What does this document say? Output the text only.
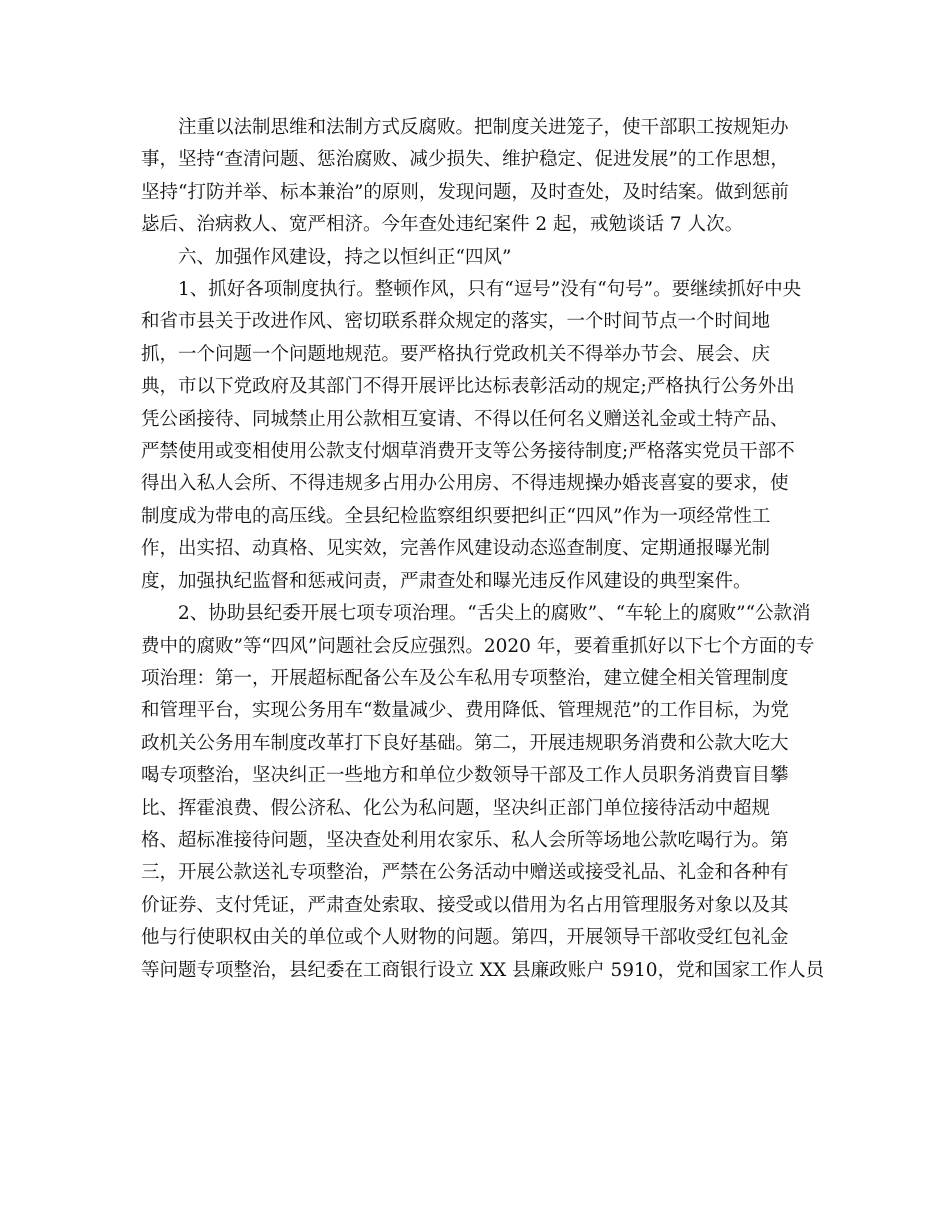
注重以法制思维和法制方式反腐败。把制度关进笼子，使干部职工按规矩办
事，坚持“查清问题、惩治腐败、减少损失、维护稳定、促进发展”的工作思想，
坚持“打防并举、标本兼治”的原则，发现问题，及时查处，及时结案。做到惩前
毖后、治病救人、宽严相济。今年查处违纪案件 2 起，戒勉谈话 7 人次。

六、加强作风建设，持之以恒纠正“四风”

1、抓好各项制度执行。整顿作风，只有“逗号”没有“句号”。要继续抓好中央
和省市县关于改进作风、密切联系群众规定的落实，一个时间节点一个时间地
抓，一个问题一个问题地规范。要严格执行党政机关不得举办节会、展会、庆
典，市以下党政府及其部门不得开展评比达标表彰活动的规定;严格执行公务外出
凭公函接待、同城禁止用公款相互宴请、不得以任何名义赠送礼金或土特产品、
严禁使用或变相使用公款支付烟草消费开支等公务接待制度;严格落实党员干部不
得出入私人会所、不得违规多占用办公用房、不得违规操办婚丧喜宴的要求，使
制度成为带电的高压线。全县纪检监察组织要把纠正“四风”作为一项经常性工
作，出实招、动真格、见实效，完善作风建设动态巡查制度、定期通报曝光制
度，加强执纪监督和惩戒问责，严肃查处和曝光违反作风建设的典型案件。

2、协助县纪委开展七项专项治理。“舌尖上的腐败”、“车轮上的腐败”“公款消
费中的腐败”等“四风”问题社会反应强烈。2020 年，要着重抓好以下七个方面的专
项治理：第一，开展超标配备公车及公车私用专项整治，建立健全相关管理制度
和管理平台，实现公务用车“数量减少、费用降低、管理规范”的工作目标，为党
政机关公务用车制度改革打下良好基础。第二，开展违规职务消费和公款大吃大
喝专项整治，坚决纠正一些地方和单位少数领导干部及工作人员职务消费盲目攀
比、挥霍浪费、假公济私、化公为私问题，坚决纠正部门单位接待活动中超规
格、超标准接待问题，坚决查处利用农家乐、私人会所等场地公款吃喝行为。第
三，开展公款送礼专项整治，严禁在公务活动中赠送或接受礼品、礼金和各种有
价证券、支付凭证，严肃查处索取、接受或以借用为名占用管理服务对象以及其
他与行使职权由关的单位或个人财物的问题。第四，开展领导干部收受红包礼金
等问题专项整治，县纪委在工商银行设立 XX 县廉政账户 5910，党和国家工作人员
